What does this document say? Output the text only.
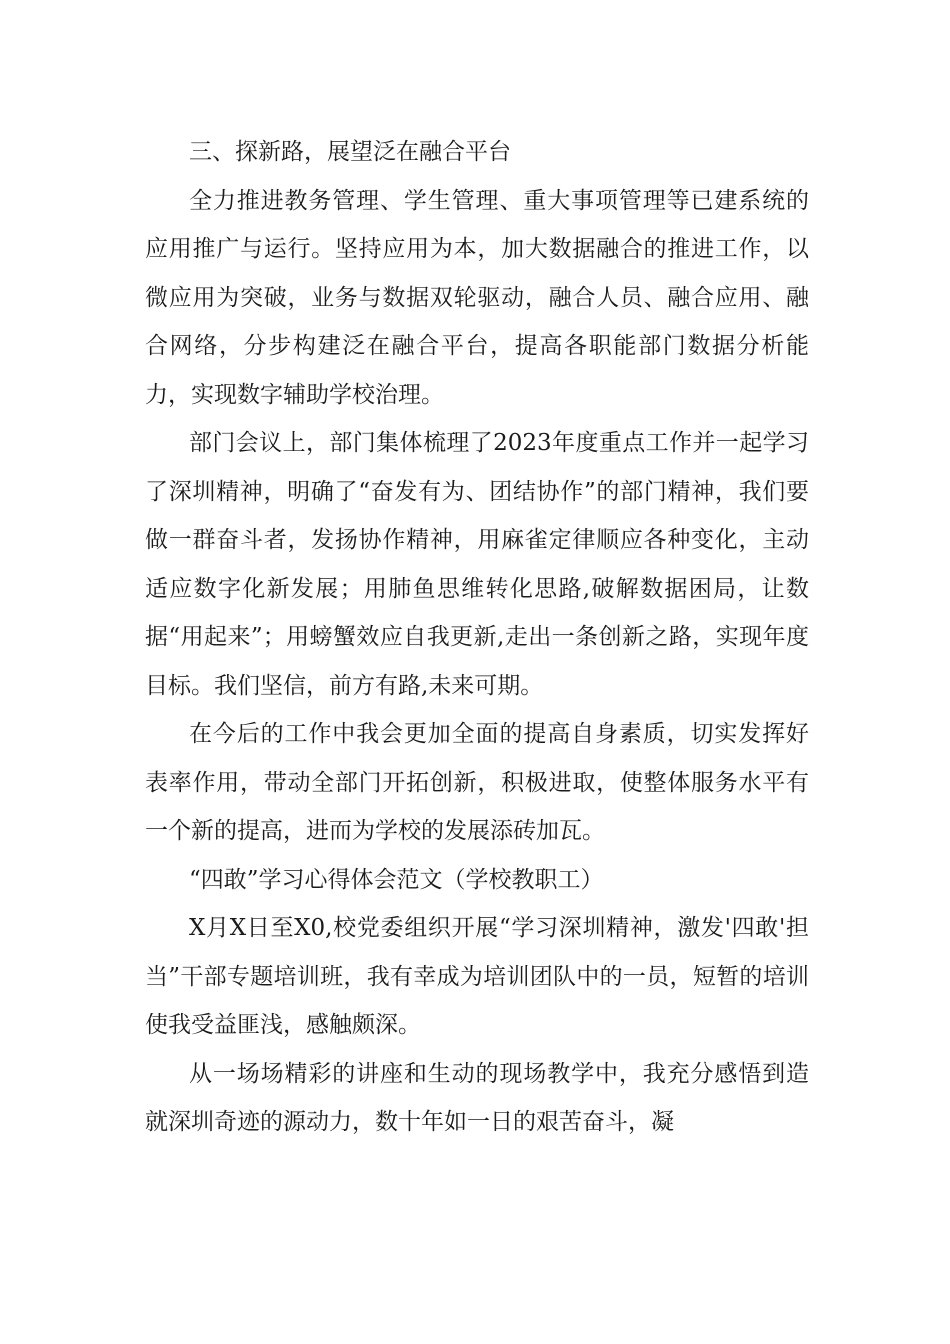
三、探新路，展望泛在融合平台

全力推进教务管理、学生管理、重大事项管理等已建系统的应用推广与运行。坚持应用为本，加大数据融合的推进工作，以微应用为突破，业务与数据双轮驱动，融合人员、融合应用、融合网络，分步构建泛在融合平台，提高各职能部门数据分析能力，实现数字辅助学校治理。

部门会议上，部门集体梳理了2023年度重点工作并一起学习了深圳精神，明确了“奋发有为、团结协作”的部门精神，我们要做一群奋斗者，发扬协作精神，用麻雀定律顺应各种变化，主动适应数字化新发展；用肺鱼思维转化思路,破解数据困局，让数据“用起来”；用螃蟹效应自我更新,走出一条创新之路，实现年度目标。我们坚信，前方有路,未来可期。

在今后的工作中我会更加全面的提高自身素质，切实发挥好表率作用，带动全部门开拓创新，积极进取，使整体服务水平有一个新的提高，进而为学校的发展添砖加瓦。

“四敢”学习心得体会范文（学校教职工）

X月X日至X0,校党委组织开展“学习深圳精神，激发'四敢'担当”干部专题培训班，我有幸成为培训团队中的一员，短暂的培训使我受益匪浅，感触颇深。

从一场场精彩的讲座和生动的现场教学中，我充分感悟到造就深圳奇迹的源动力，数十年如一日的艰苦奋斗，凝
